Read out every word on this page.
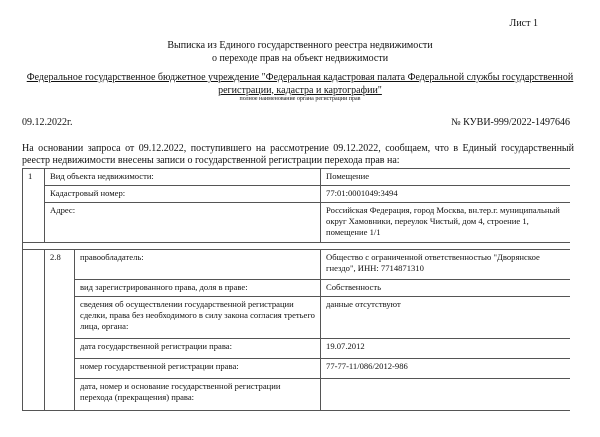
Лист 1
Выписка из Единого государственного реестра недвижимости
о переходе прав на объект недвижимости
Федеральное государственное бюджетное учреждение "Федеральная кадастровая палата Федеральной службы государственной
регистрации, кадастра и картографии"
полное наименование органа регистрации прав
09.12.2022г.	№ КУВИ-999/2022-1497646
На основании запроса от 09.12.2022, поступившего на рассмотрение 09.12.2022, сообщаем, что в Единый государственный реестр недвижимости внесены записи о государственной регистрации перехода прав на:
1	Вид объекта недвижимости:		Помещение
	Кадастровый номер:		77:01:0001049:3494
	Адрес:		Российская Федерация, город Москва, вн.тер.г. муниципальный округ Хамовники, переулок Чистый, дом 4, строение 1, помещение 1/1

	2.8	правообладатель:	Общество с ограниченной ответственностью "Дворянское гнездо", ИНН: 7714871310
		вид зарегистрированного права, доля в праве:	Собственность
		сведения об осуществлении государственной регистрации сделки, права без необходимого в силу закона согласия третьего лица, органа:	данные отсутствуют
		дата государственной регистрации права:	19.07.2012
		номер государственной регистрации права:	77-77-11/086/2012-986
		дата, номер и основание государственной регистрации перехода (прекращения) права:	
